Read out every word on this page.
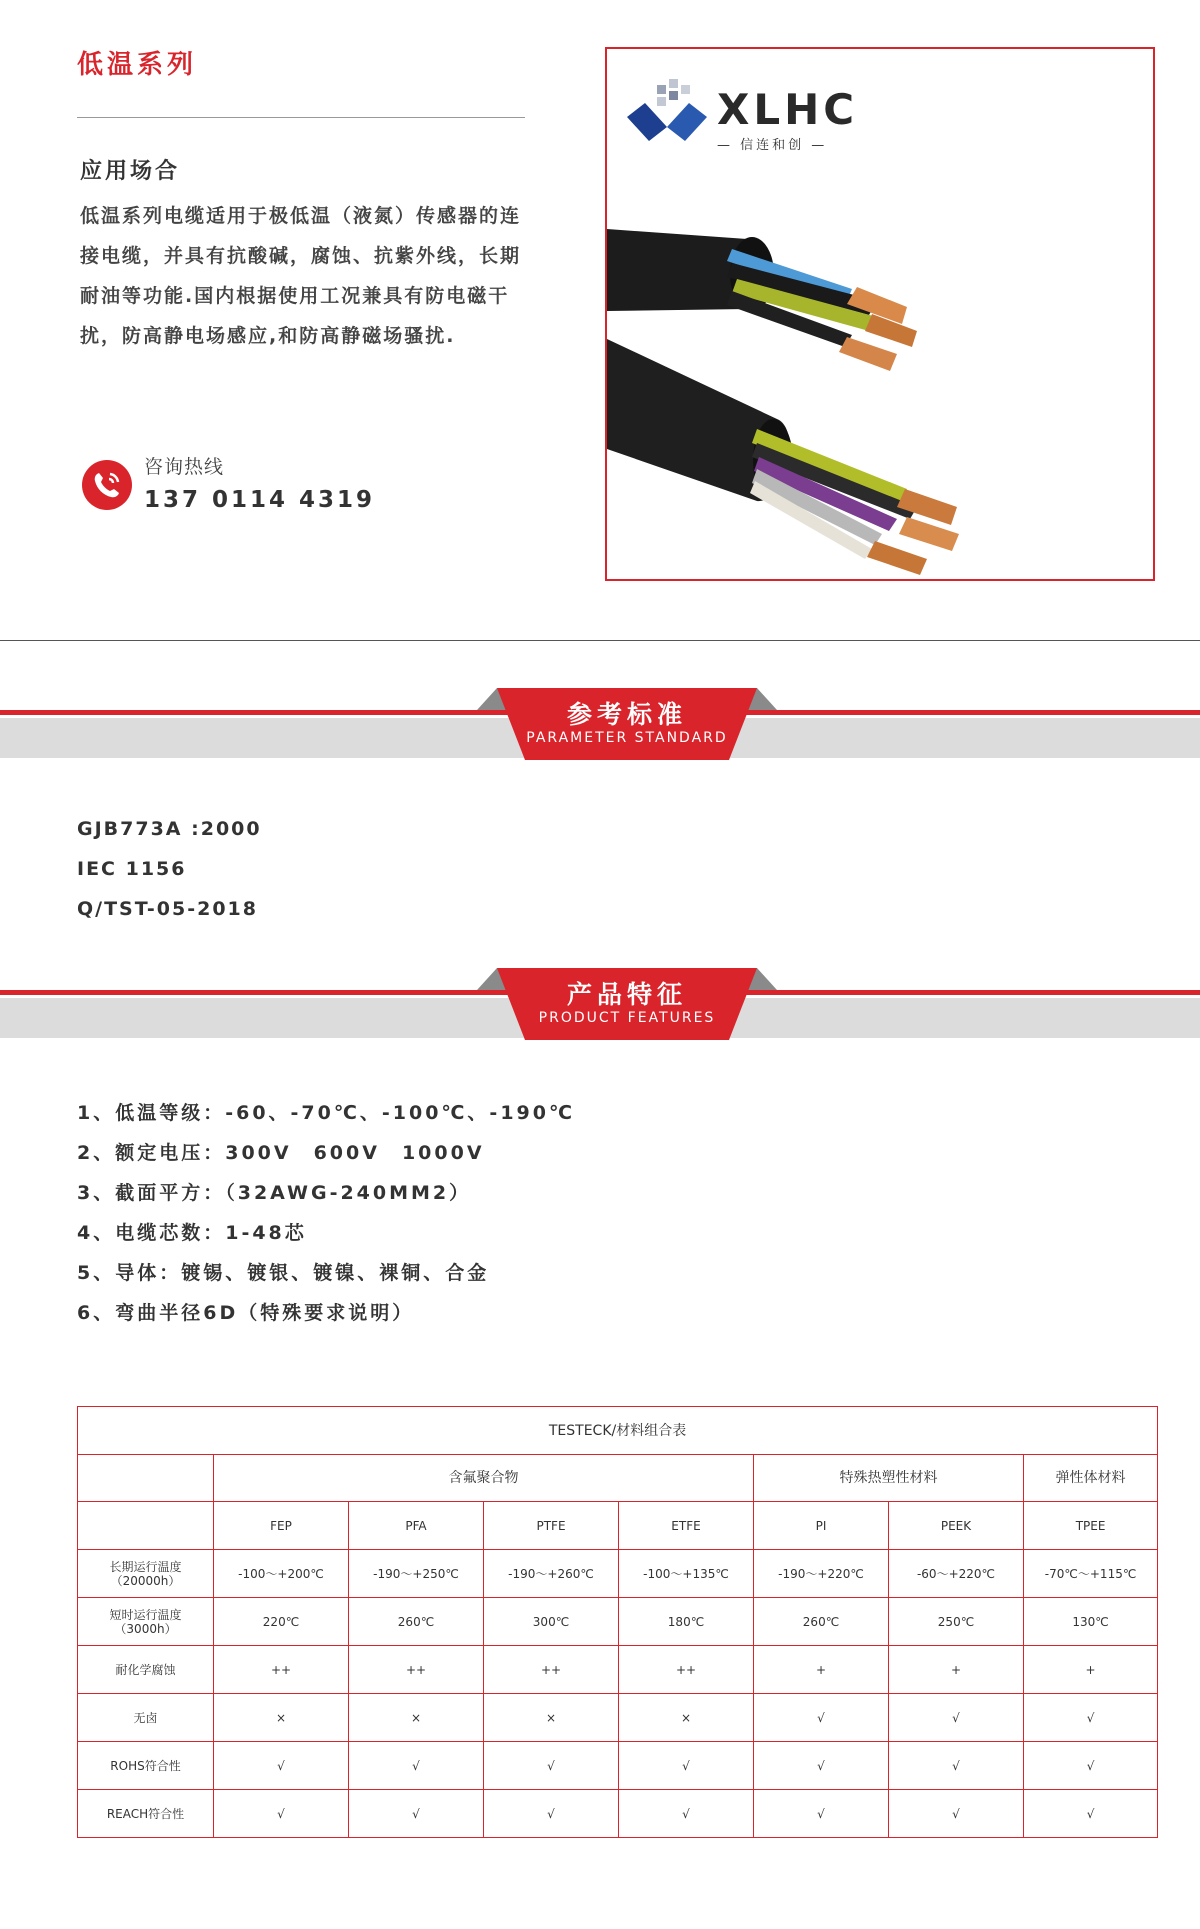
低温系列
应用场合

低温系列电缆适用于极低温（液氮）传感器的连接电缆，并具有抗酸碱，腐蚀、抗紫外线，长期耐油等功能.国内根据使用工况兼具有防电磁干扰，防高静电场感应,和防高静磁场骚扰.

咨询热线
137 0114 4319
XLHC
— 信连和创 —
参考标准
PARAMETER STANDARD
GJB773A :2000
IEC 1156
Q/TST-05-2018
产品特征
PRODUCT FEATURES
1、低温等级：-60、-70℃、-100℃、-190℃
2、额定电压：300V　600V　1000V
3、截面平方：（32AWG-240MM2）
4、电缆芯数：1-48芯
5、导体：镀锡、镀银、镀镍、裸铜、合金
6、弯曲半径6D（特殊要求说明）
TESTECK/材料组合表							
	含氟聚合物				特殊热塑性材料		弹性体材料
	FEP	PFA	PTFE	ETFE	PI	PEEK	TPEE
长期运行温度（20000h）	-100～+200℃	-190～+250℃	-190～+260℃	-100～+135℃	-190～+220℃	-60～+220℃	-70℃～+115℃
短时运行温度（3000h）	220℃	260℃	300℃	180℃	260℃	250℃	130℃
耐化学腐蚀	++	++	++	++	+	+	+
无卤	×	×	×	×	√	√	√
ROHS符合性	√	√	√	√	√	√	√
REACH符合性	√	√	√	√	√	√	√
